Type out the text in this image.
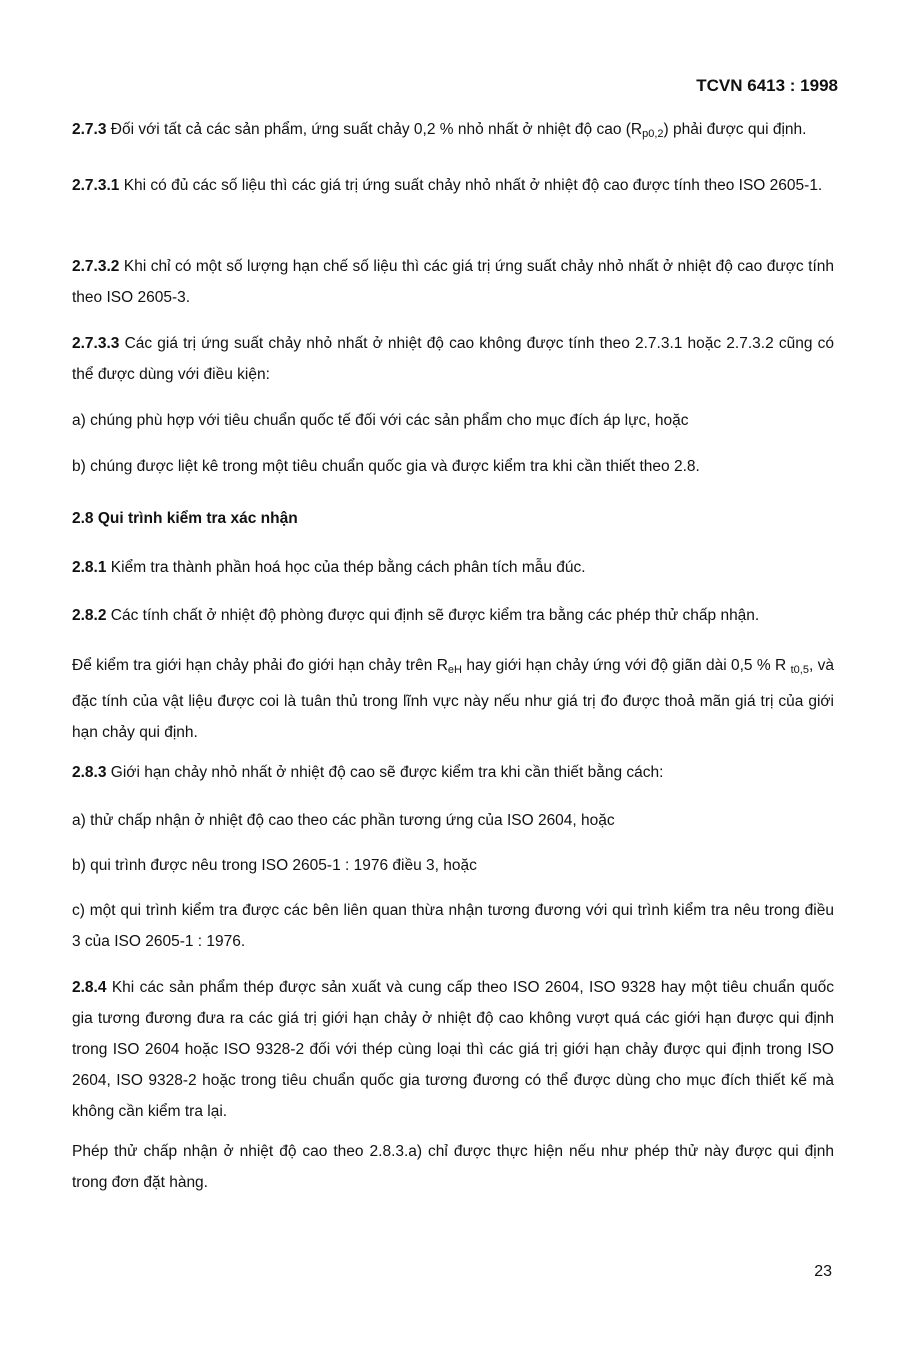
TCVN 6413 : 1998
2.7.3 Đối với tất cả các sản phẩm, ứng suất chảy 0,2 % nhỏ nhất ở nhiệt độ cao $(R_{p0,2})$ phải được qui định.
2.7.3.1 Khi có đủ các số liệu thì các giá trị ứng suất chảy nhỏ nhất ở nhiệt độ cao được tính theo ISO 2605-1.
2.7.3.2 Khi chỉ có một số lượng hạn chế số liệu thì các giá trị ứng suất chảy nhỏ nhất ở nhiệt độ cao được tính theo ISO 2605-3.
2.7.3.3 Các giá trị ứng suất chảy nhỏ nhất ở nhiệt độ cao không được tính theo 2.7.3.1 hoặc 2.7.3.2 cũng có thể được dùng với điều kiện:
a) chúng phù hợp với tiêu chuẩn quốc tế đối với các sản phẩm cho mục đích áp lực, hoặc
b) chúng được liệt kê trong một tiêu chuẩn quốc gia và được kiểm tra khi cần thiết theo 2.8.
2.8 Qui trình kiểm tra xác nhận
2.8.1 Kiểm tra thành phần hoá học của thép bằng cách phân tích mẫu đúc.
2.8.2 Các tính chất ở nhiệt độ phòng được qui định sẽ được kiểm tra bằng các phép thử chấp nhận.
Để kiểm tra giới hạn chảy phải đo giới hạn chảy trên $R_{eH}$ hay giới hạn chảy ứng với độ giãn dài 0,5 % R $_{t0,5}$, và đặc tính của vật liệu được coi là tuân thủ trong lĩnh vực này nếu như giá trị đo được thoả mãn giá trị của giới hạn chảy qui định.
2.8.3 Giới hạn chảy nhỏ nhất ở nhiệt độ cao sẽ được kiểm tra khi cần thiết bằng cách:
a) thử chấp nhận ở nhiệt độ cao theo các phần tương ứng của ISO 2604, hoặc
b) qui trình được nêu trong ISO 2605-1 : 1976 điều 3, hoặc
c) một qui trình kiểm tra được các bên liên quan thừa nhận tương đương với qui trình kiểm tra nêu trong điều 3 của ISO 2605-1 : 1976.
2.8.4 Khi các sản phẩm thép được sản xuất và cung cấp theo ISO 2604, ISO 9328 hay một tiêu chuẩn quốc gia tương đương đưa ra các giá trị giới hạn chảy ở nhiệt độ cao không vượt quá các giới hạn được qui định trong ISO 2604 hoặc ISO 9328-2 đối với thép cùng loại thì các giá trị giới hạn chảy được qui định trong ISO 2604, ISO 9328-2 hoặc trong tiêu chuẩn quốc gia tương đương có thể được dùng cho mục đích thiết kế mà không cần kiểm tra lại.
Phép thử chấp nhận ở nhiệt độ cao theo 2.8.3.a) chỉ được thực hiện nếu như phép thử này được qui định trong đơn đặt hàng.
23
